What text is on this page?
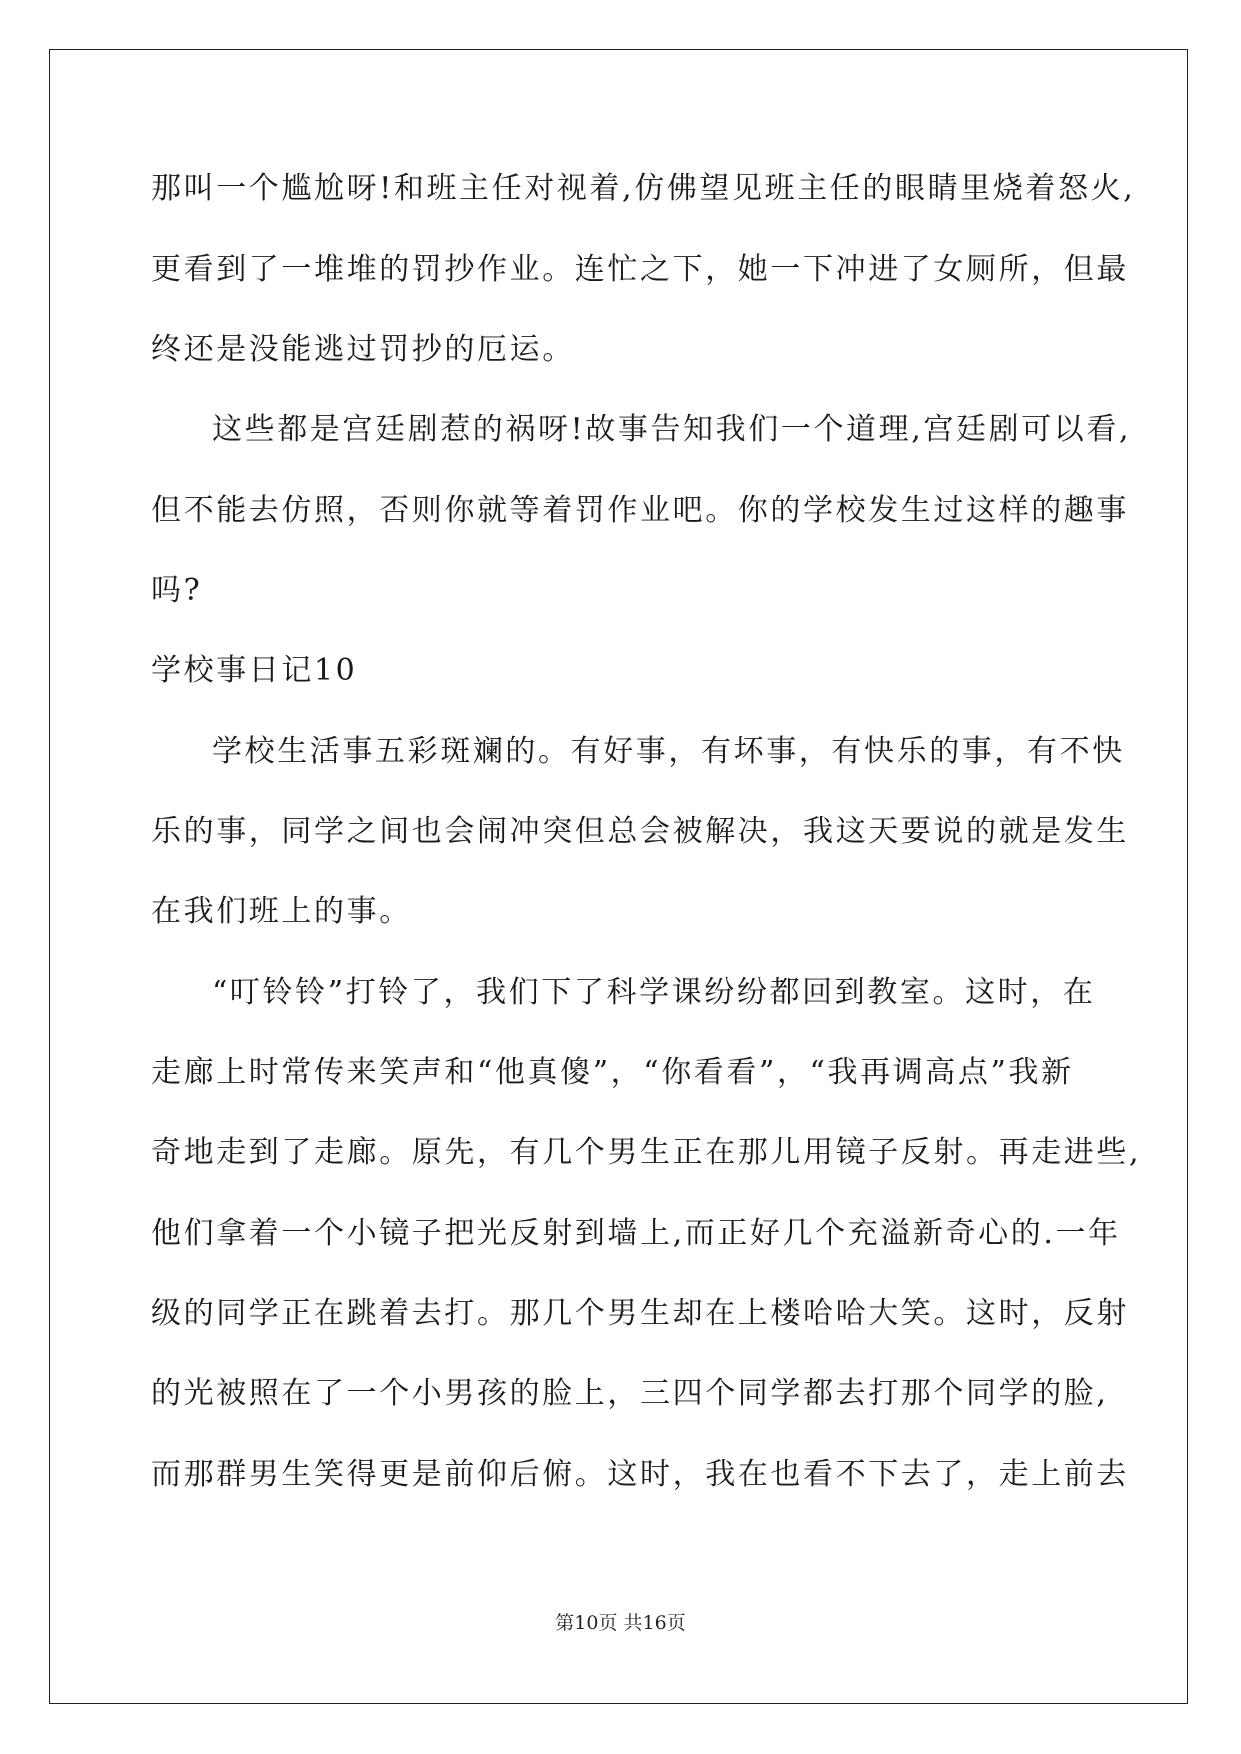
那叫一个尴尬呀!和班主任对视着,仿佛望见班主任的眼睛里烧着怒火,
更看到了一堆堆的罚抄作业。连忙之下，她一下冲进了女厕所，但最
终还是没能逃过罚抄的厄运。
这些都是宫廷剧惹的祸呀!故事告知我们一个道理,宫廷剧可以看,
但不能去仿照，否则你就等着罚作业吧。你的学校发生过这样的趣事
吗?
学校事日记10
学校生活事五彩斑斓的。有好事，有坏事，有快乐的事，有不快
乐的事，同学之间也会闹冲突但总会被解决，我这天要说的就是发生
在我们班上的事。
“叮铃铃”打铃了，我们下了科学课纷纷都回到教室。这时，在
走廊上时常传来笑声和“他真傻”，“你看看”，“我再调高点”我新
奇地走到了走廊。原先，有几个男生正在那儿用镜子反射。再走进些,
他们拿着一个小镜子把光反射到墙上,而正好几个充溢新奇心的.一年
级的同学正在跳着去打。那几个男生却在上楼哈哈大笑。这时，反射
的光被照在了一个小男孩的脸上，三四个同学都去打那个同学的脸,
而那群男生笑得更是前仰后俯。这时，我在也看不下去了，走上前去
第10页 共16页
